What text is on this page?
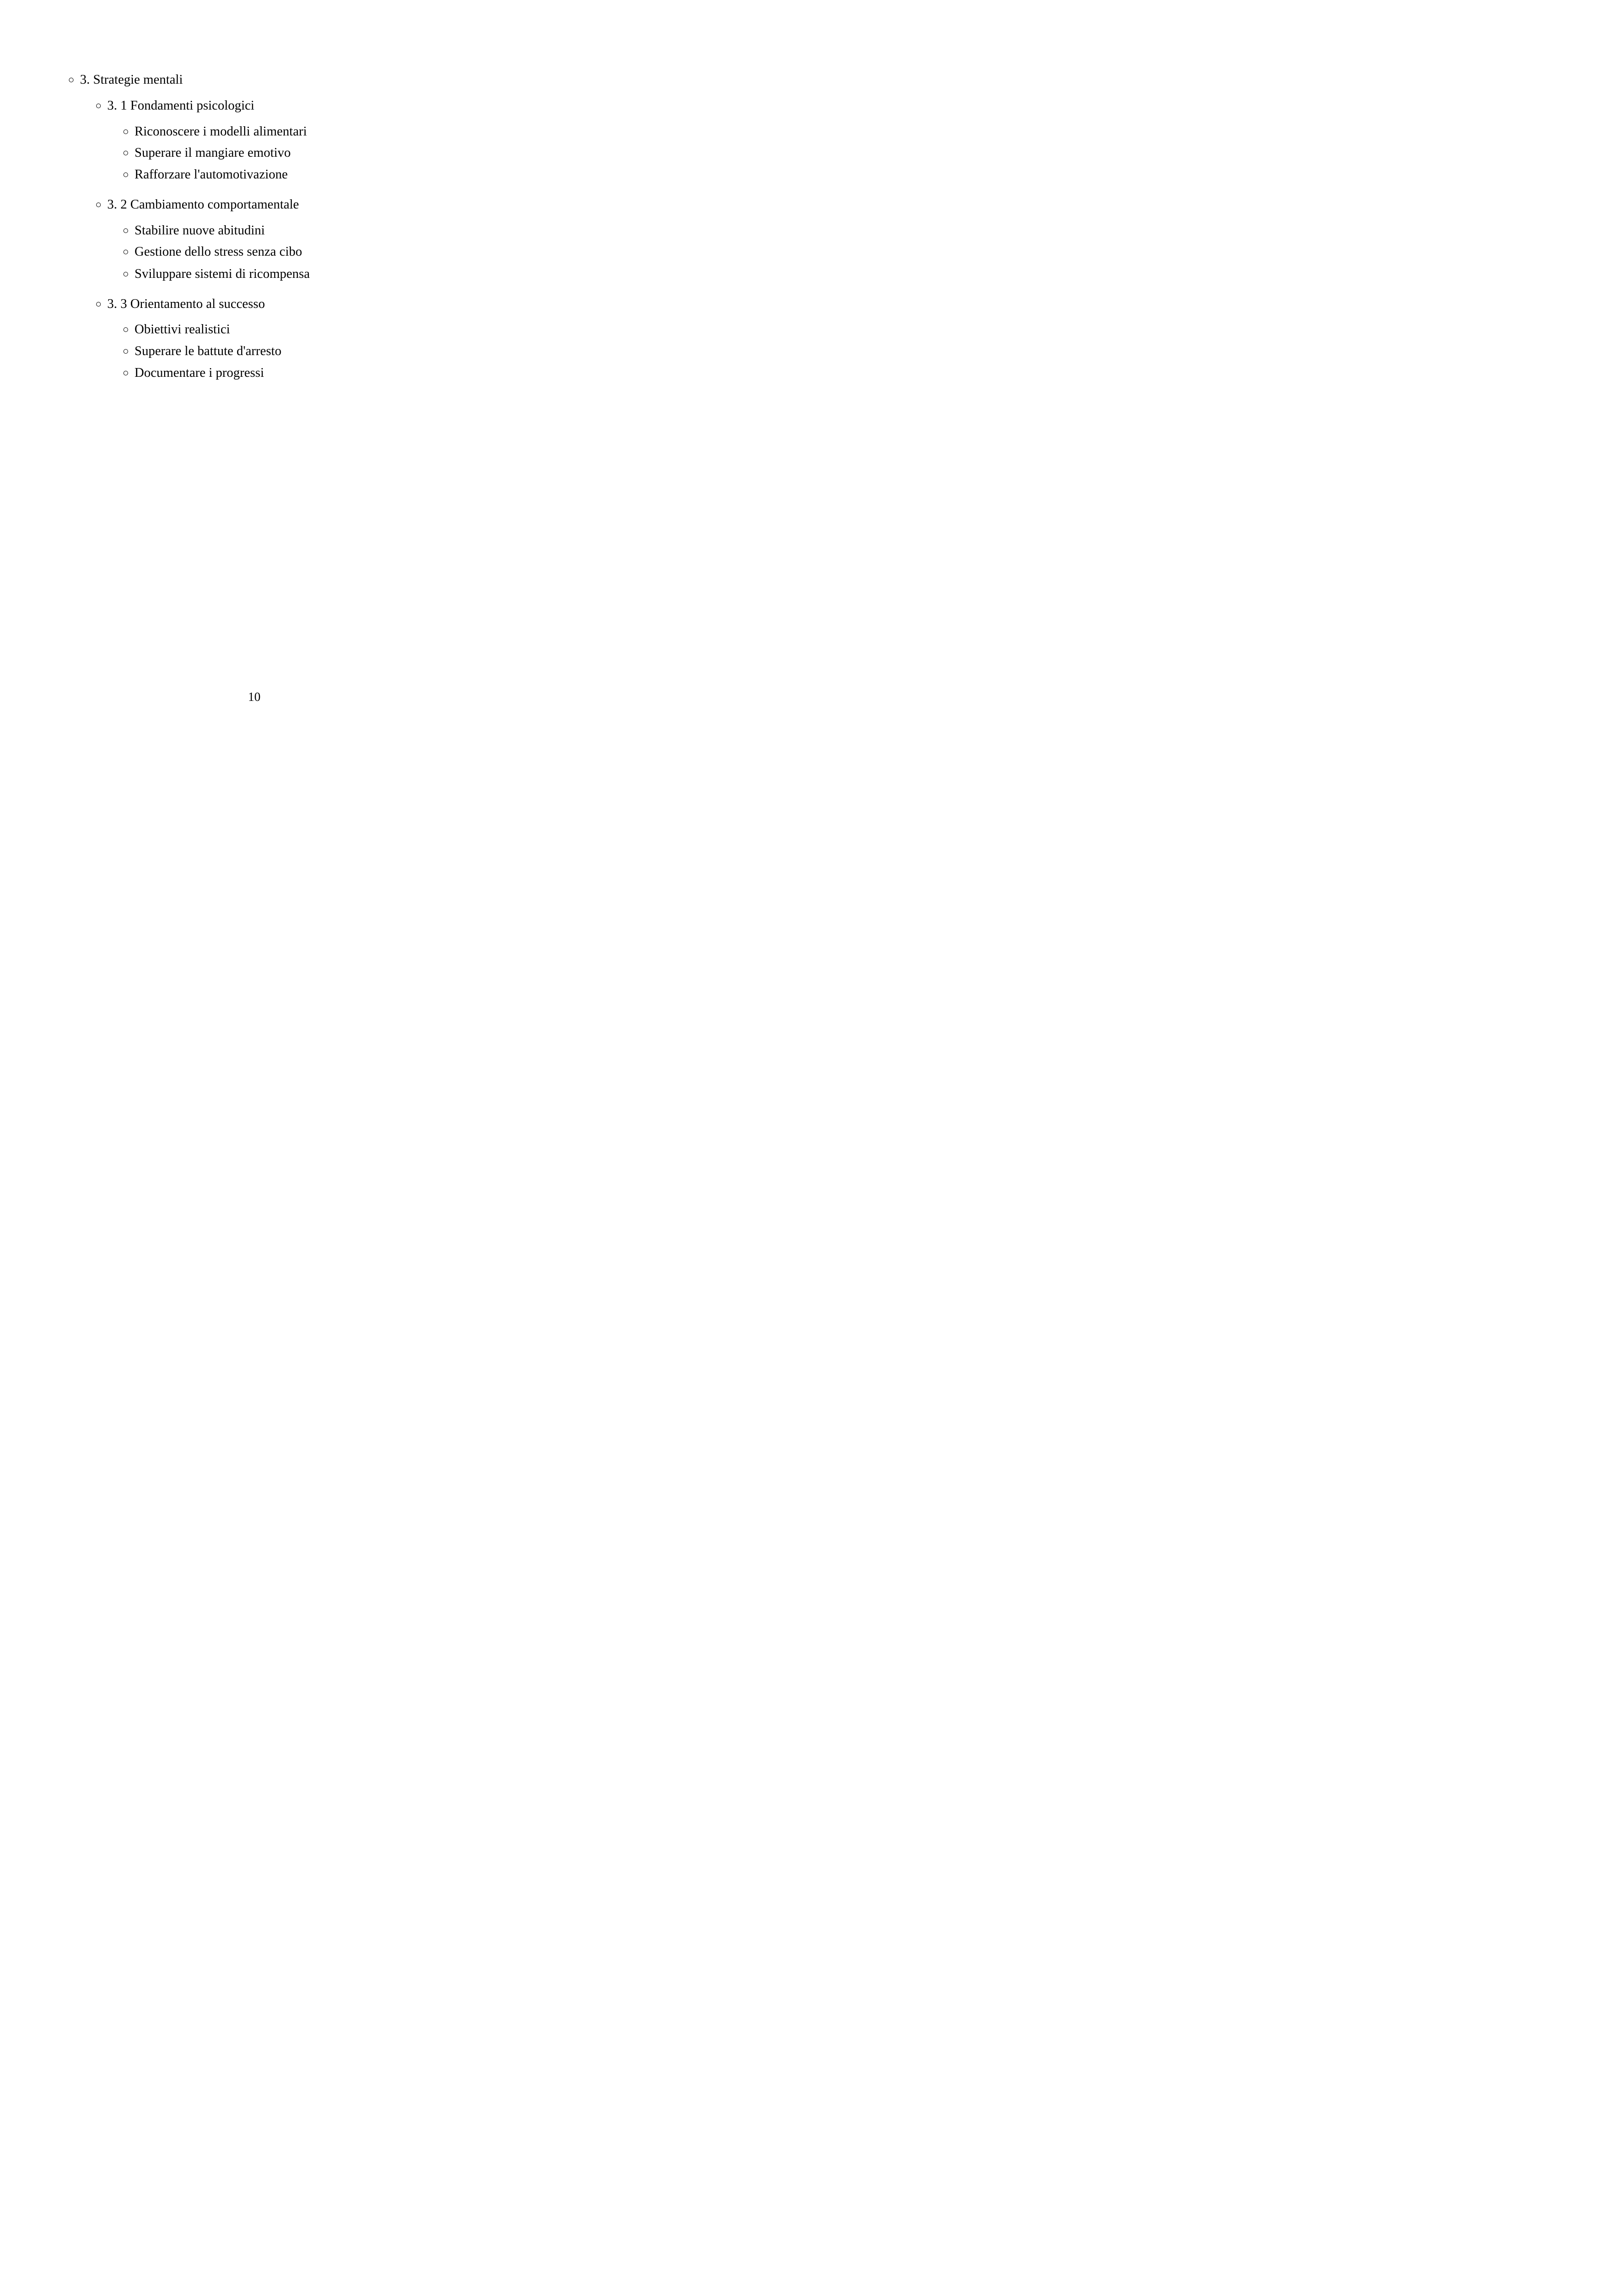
3. Strategie mentali
3. 1 Fondamenti psicologici
Riconoscere i modelli alimentari
Superare il mangiare emotivo
Rafforzare l'automotivazione
3. 2 Cambiamento comportamentale
Stabilire nuove abitudini
Gestione dello stress senza cibo
Sviluppare sistemi di ricompensa
3. 3 Orientamento al successo
Obiettivi realistici
Superare le battute d'arresto
Documentare i progressi
10
